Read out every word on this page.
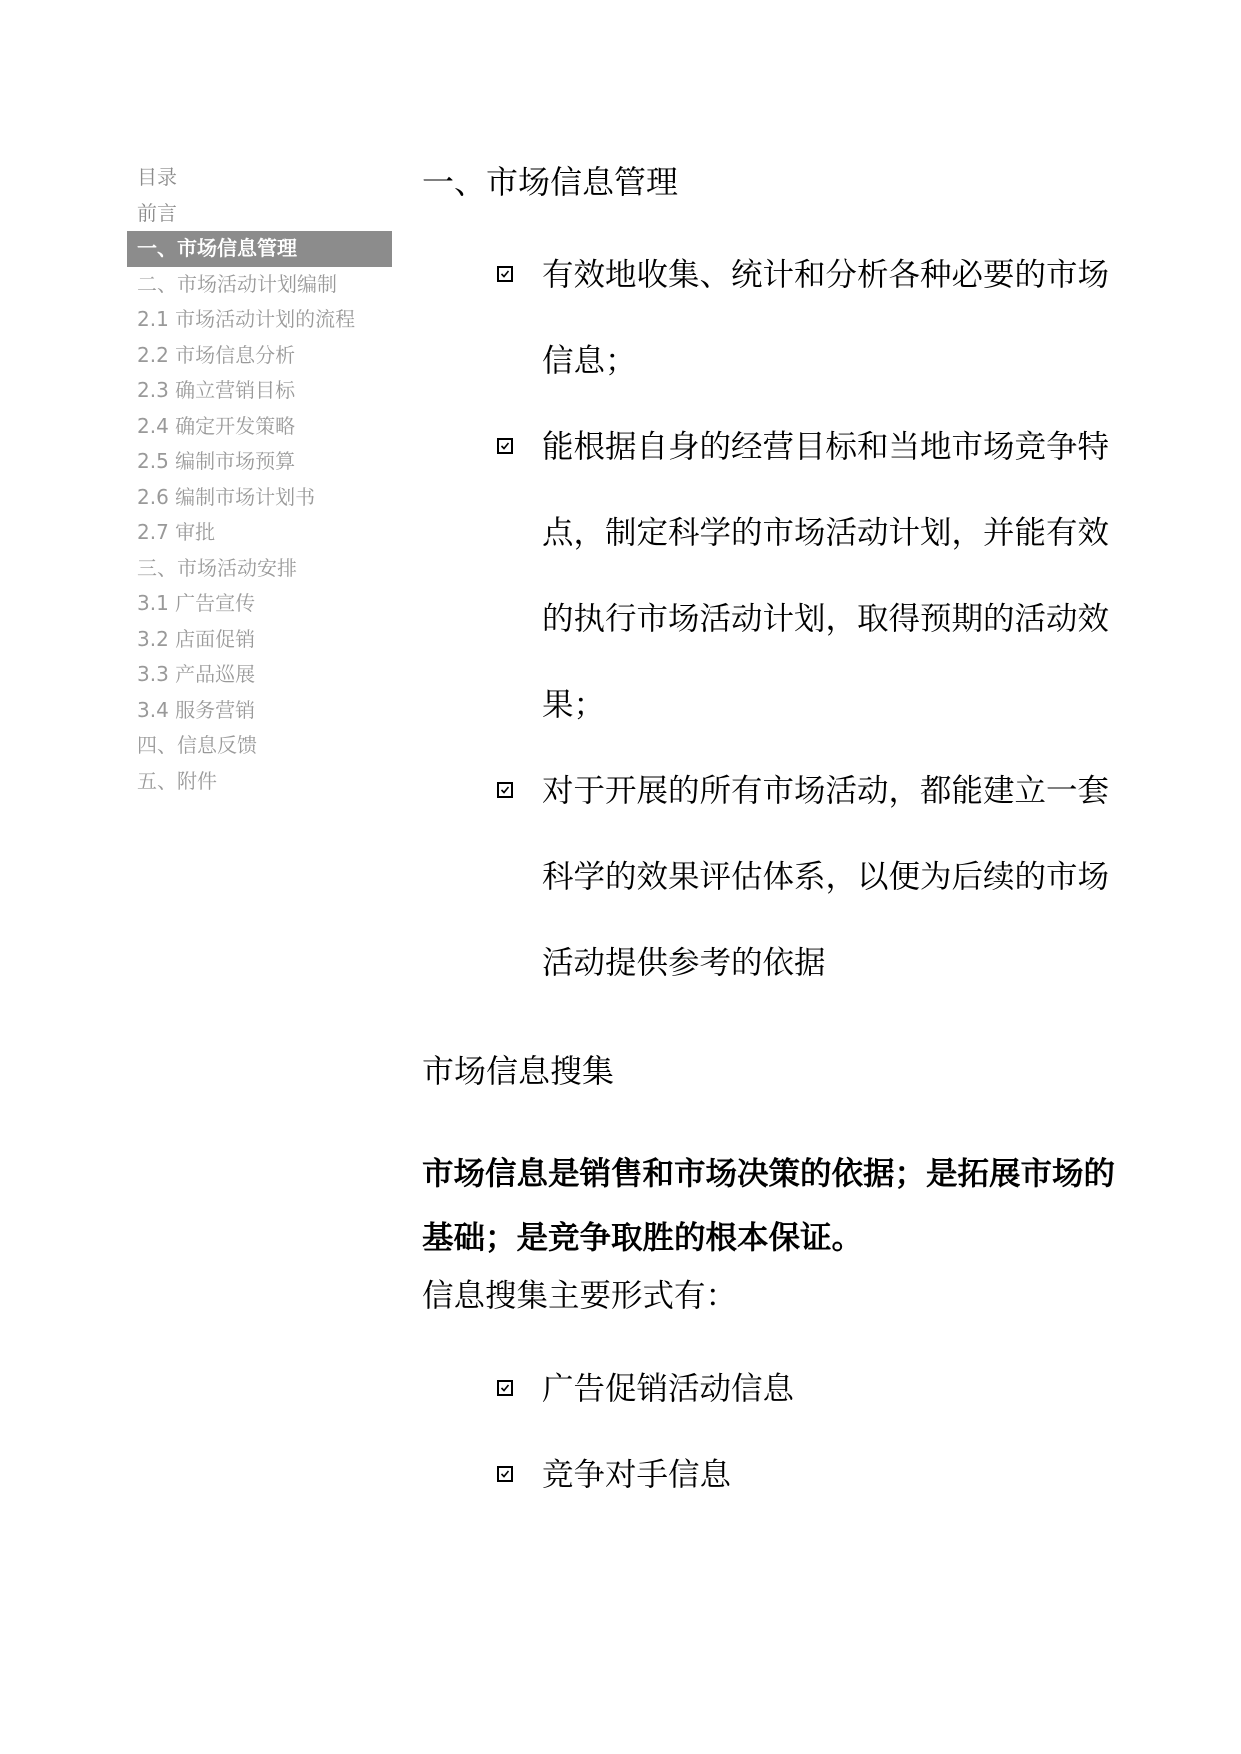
目录
前言
一、市场信息管理
二、市场活动计划编制
2.1 市场活动计划的流程
2.2 市场信息分析
2.3 确立营销目标
2.4 确定开发策略
2.5 编制市场预算
2.6 编制市场计划书
2.7 审批
三、市场活动安排
3.1 广告宣传
3.2 店面促销
3.3 产品巡展
3.4 服务营销
四、信息反馈
五、附件
一、市场信息管理
有效地收集、统计和分析各种必要的市场信息；
能根据自身的经营目标和当地市场竞争特点，制定科学的市场活动计划，并能有效的执行市场活动计划，取得预期的活动效果；
对于开展的所有市场活动，都能建立一套科学的效果评估体系，以便为后续的市场活动提供参考的依据
市场信息搜集

市场信息是销售和市场决策的依据；是拓展市场的基础；是竞争取胜的根本保证。

信息搜集主要形式有：

广告促销活动信息
竞争对手信息
